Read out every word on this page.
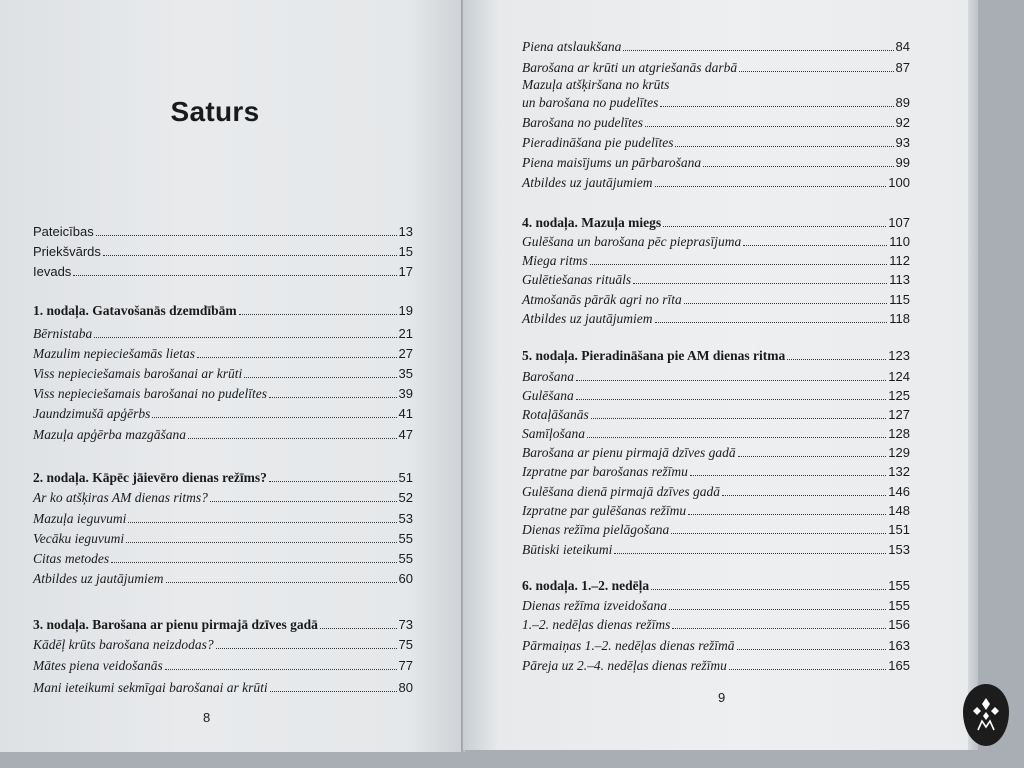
Saturs
Pateicības	13
Priekšvārds	15
Ievads	17
1. nodaļa. Gatavošanās dzemdībām	19
Bērnistaba	21
Mazulim nepieciešamās lietas	27
Viss nepieciešamais barošanai ar krūti	35
Viss nepieciešamais barošanai no pudelītes	39
Jaundzimušā apģērbs	41
Mazuļa apģērba mazgāšana	47
2. nodaļa. Kāpēc jāievēro dienas režīms?	51
Ar ko atšķiras AM dienas ritms?	52
Mazuļa ieguvumi	53
Vecāku ieguvumi	55
Citas metodes	55
Atbildes uz jautājumiem	60
3. nodaļa. Barošana ar pienu pirmajā dzīves gadā	73
Kādēļ krūts barošana neizdodas?	75
Mātes piena veidošanās	77
Mani ieteikumi sekmīgai barošanai ar krūti	80
8
Piena atslaukšana	84
Barošana ar krūti un atgriešanās darbā	87
Mazuļa atšķiršana no krūts
un barošana no pudelītes	89
Barošana no pudelītes	92
Pieradināšana pie pudelītes	93
Piena maisījums un pārbarošana	99
Atbildes uz jautājumiem	100
4. nodaļa. Mazuļa miegs	107
Gulēšana un barošana pēc pieprasījuma	110
Miega ritms	112
Gulētiešanas rituāls	113
Atmošanās pārāk agri no rīta	115
Atbildes uz jautājumiem	118
5. nodaļa. Pieradināšana pie AM dienas ritma	123
Barošana	124
Gulēšana	125
Rotaļāšanās	127
Samīļošana	128
Barošana ar pienu pirmajā dzīves gadā	129
Izpratne par barošanas režīmu	132
Gulēšana dienā pirmajā dzīves gadā	146
Izpratne par gulēšanas režīmu	148
Dienas režīma pielāgošana	151
Būtiski ieteikumi	153
6. nodaļa. 1.–2. nedēļa	155
Dienas režīma izveidošana	155
1.–2. nedēļas dienas režīms	156
Pārmaiņas 1.–2. nedēļas dienas režīmā	163
Pāreja uz 2.–4. nedēļas dienas režīmu	165
9
